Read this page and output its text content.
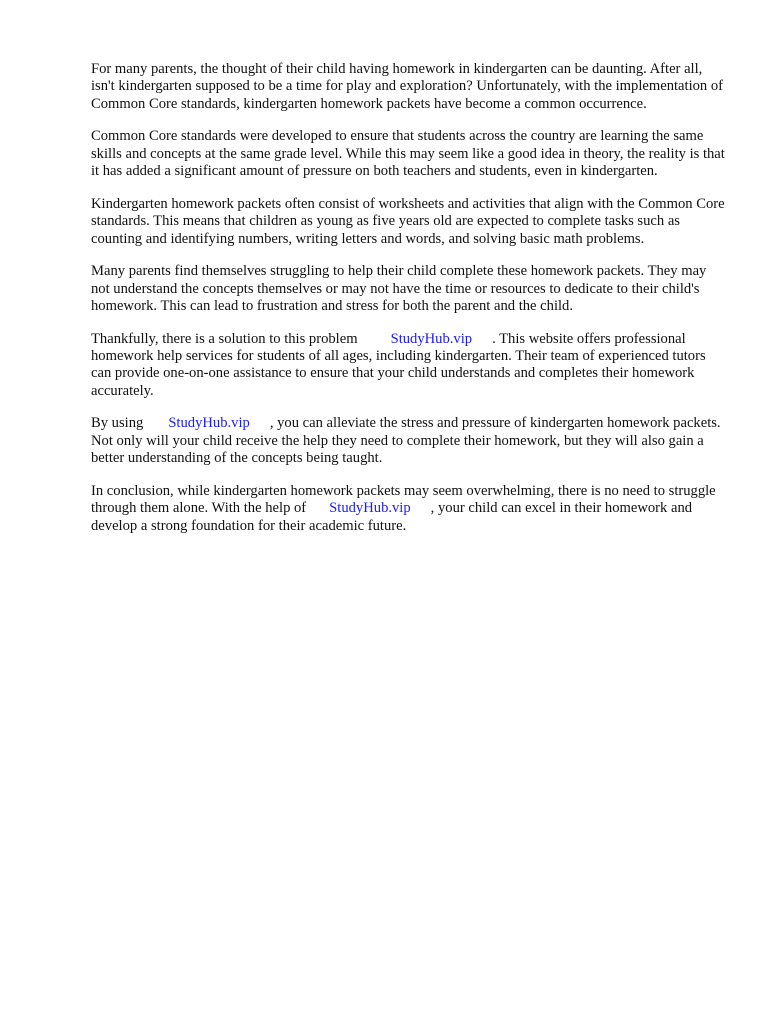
For many parents, the thought of their child having homework in kindergarten can be daunting. After all, isn't kindergarten supposed to be a time for play and exploration? Unfortunately, with the implementation of Common Core standards, kindergarten homework packets have become a common occurrence.

Common Core standards were developed to ensure that students across the country are learning the same skills and concepts at the same grade level. While this may seem like a good idea in theory, the reality is that it has added a significant amount of pressure on both teachers and students, even in kindergarten.

Kindergarten homework packets often consist of worksheets and activities that align with the Common Core standards. This means that children as young as five years old are expected to complete tasks such as counting and identifying numbers, writing letters and words, and solving basic math problems.

Many parents find themselves struggling to help their child complete these homework packets. They may not understand the concepts themselves or may not have the time or resources to dedicate to their child's homework. This can lead to frustration and stress for both the parent and the child.

Thankfully, there is a solution to this problem StudyHub.vip . This website offers professional homework help services for students of all ages, including kindergarten. Their team of experienced tutors can provide one-on-one assistance to ensure that your child understands and completes their homework accurately.

By using StudyHub.vip , you can alleviate the stress and pressure of kindergarten homework packets. Not only will your child receive the help they need to complete their homework, but they will also gain a better understanding of the concepts being taught.

In conclusion, while kindergarten homework packets may seem overwhelming, there is no need to struggle through them alone. With the help of StudyHub.vip , your child can excel in their homework and develop a strong foundation for their academic future.
